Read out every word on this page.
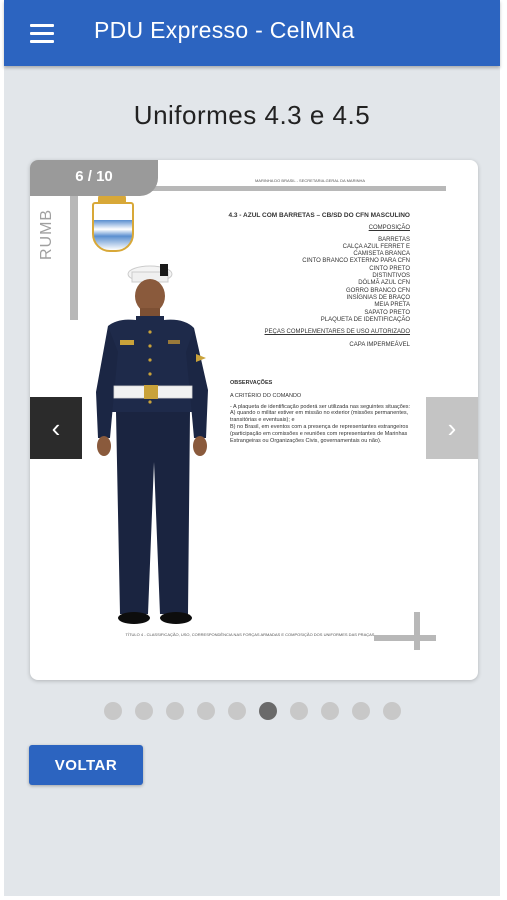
PDU Expresso - CelMNa
Uniformes 4.3 e 4.5
6 / 10	MARINHA DO BRASIL - SECRETARIA-GERAL DA MARINHA
RUMB	4.3 - AZUL COM BARRETAS – CB/SD DO CFN MASCULINO
COMPOSIÇÃO
BARRETAS
CALÇA AZUL FERRET E
CAMISETA BRANCA
CINTO BRANCO EXTERNO PARA CFN
CINTO PRETO
DISTINTIVOS
DÓLMÃ AZUL CFN
GORRO BRANCO CFN
INSÍGNIAS DE BRAÇO
MEIA PRETA
SAPATO PRETO
PLAQUETA DE IDENTIFICAÇÃO
PEÇAS COMPLEMENTARES DE USO AUTORIZADO
CAPA IMPERMEÁVEL
OBSERVAÇÕES
A CRITÉRIO DO COMANDO
- A plaqueta de identificação poderá ser utilizada nas seguintes situações:
A) quando o militar estiver em missão no exterior (missões permanentes, transitórias e eventuais); e
B) no Brasil, em eventos com a presença de representantes estrangeiros (participação em comissões e reuniões com representantes de Marinhas Estrangeiras ou Organizações Civis, governamentais ou não).
TÍTULO 4 - CLASSIFICAÇÃO, USO, CORRESPONDÊNCIA NAS FORÇAS ARMADAS E COMPOSIÇÃO DOS UNIFORMES DAS PRAÇAS
‹	›
VOLTAR
